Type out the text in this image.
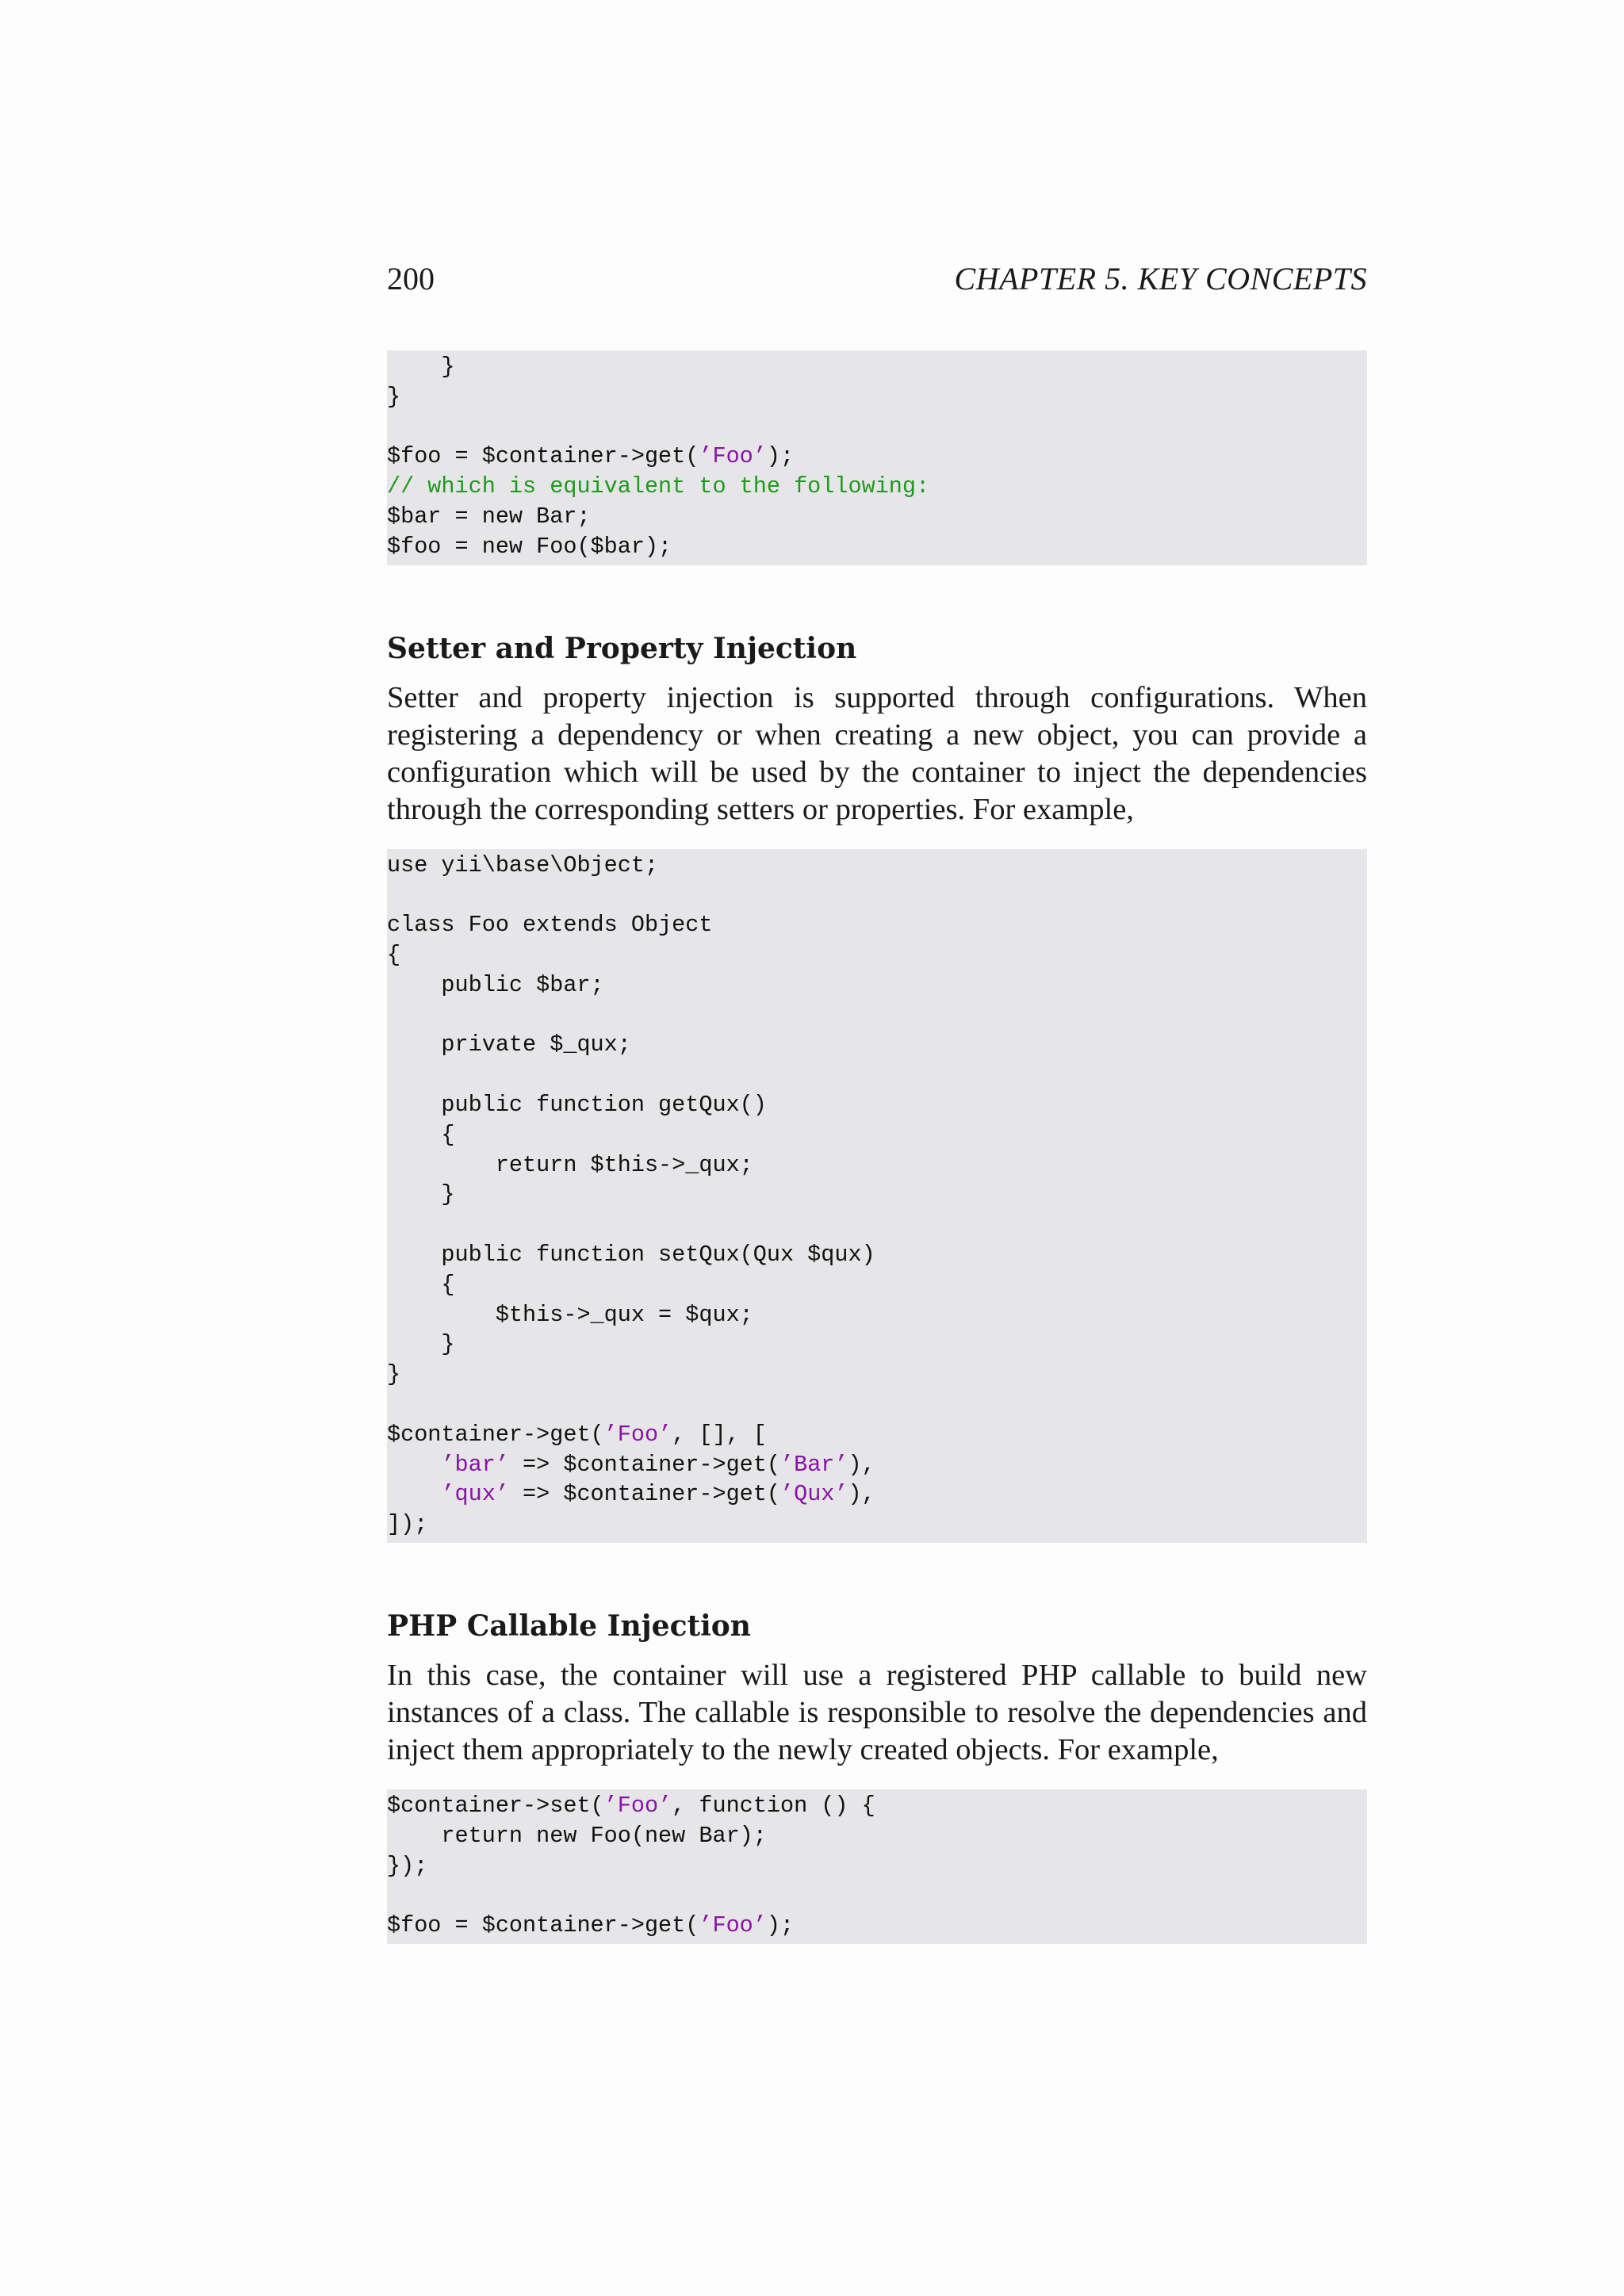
200	CHAPTER 5. KEY CONCEPTS
}
}
$foo = $container->get(’Foo’);
// which is equivalent to the following:
$bar = new Bar;
$foo = new Foo($bar);
Setter and Property Injection

Setter and property injection is supported through configurations. When registering a dependency or when creating a new object, you can provide a configuration which will be used by the container to inject the dependencies through the corresponding setters or properties. For example,

use yii\base\Object;
class Foo extends Object
{
public $bar;
private $_qux;
public function getQux()
{
return $this->_qux;
}
public function setQux(Qux $qux)
{
$this->_qux = $qux;
}
}
$container->get(’Foo’, [], [
’bar’ => $container->get(’Bar’),
’qux’ => $container->get(’Qux’),
]);
PHP Callable Injection

In this case, the container will use a registered PHP callable to build new instances of a class. The callable is responsible to resolve the dependencies and inject them appropriately to the newly created objects. For example,

$container->set(’Foo’, function () {
return new Foo(new Bar);
});
$foo = $container->get(’Foo’);
